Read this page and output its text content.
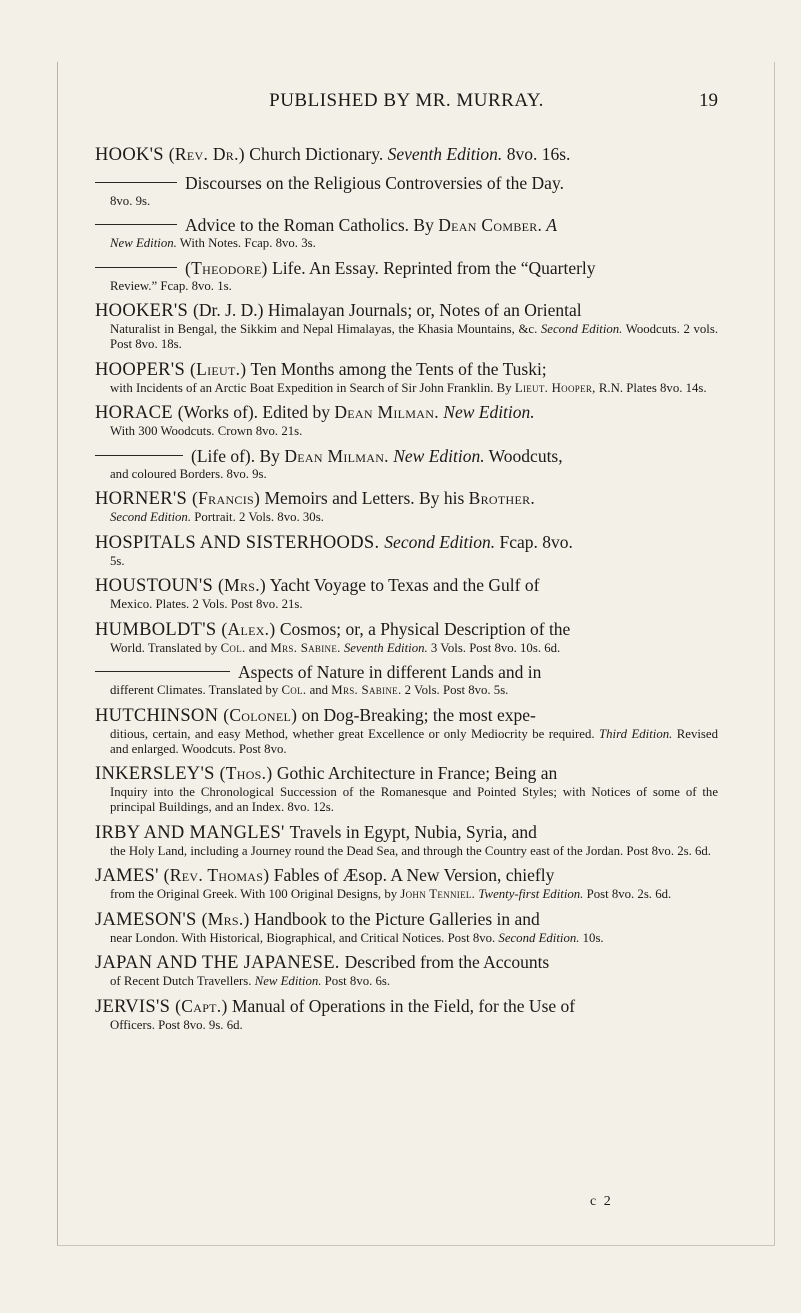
PUBLISHED BY MR. MURRAY.	19
HOOK'S (Rev. Dr.) Church Dictionary. Seventh Edition. 8vo. 16s.
Discourses on the Religious Controversies of the Day.
8vo. 9s.
Advice to the Roman Catholics. By Dean Comber. A
New Edition. With Notes. Fcap. 8vo. 3s.
(Theodore) Life. An Essay. Reprinted from the “Quarterly
Review.” Fcap. 8vo. 1s.
HOOKER'S (Dr. J. D.) Himalayan Journals; or, Notes of an Oriental
Naturalist in Bengal, the Sikkim and Nepal Himalayas, the Khasia Mountains, &c. Second Edition. Woodcuts. 2 vols. Post 8vo. 18s.
HOOPER'S (Lieut.) Ten Months among the Tents of the Tuski;
with Incidents of an Arctic Boat Expedition in Search of Sir John Franklin. By Lieut. Hooper, R.N. Plates 8vo. 14s.
HORACE (Works of). Edited by Dean Milman. New Edition.
With 300 Woodcuts. Crown 8vo. 21s.
(Life of). By Dean Milman. New Edition. Woodcuts,
and coloured Borders. 8vo. 9s.
HORNER'S (Francis) Memoirs and Letters. By his Brother.
Second Edition. Portrait. 2 Vols. 8vo. 30s.
HOSPITALS AND SISTERHOODS. Second Edition. Fcap. 8vo.
5s.
HOUSTOUN'S (Mrs.) Yacht Voyage to Texas and the Gulf of
Mexico. Plates. 2 Vols. Post 8vo. 21s.
HUMBOLDT'S (Alex.) Cosmos; or, a Physical Description of the
World. Translated by Col. and Mrs. Sabine. Seventh Edition. 3 Vols. Post 8vo. 10s. 6d.
Aspects of Nature in different Lands and in
different Climates. Translated by Col. and Mrs. Sabine. 2 Vols. Post 8vo. 5s.
HUTCHINSON (Colonel) on Dog-Breaking; the most expe-
ditious, certain, and easy Method, whether great Excellence or only Mediocrity be required. Third Edition. Revised and enlarged. Woodcuts. Post 8vo.
INKERSLEY'S (Thos.) Gothic Architecture in France; Being an
Inquiry into the Chronological Succession of the Romanesque and Pointed Styles; with Notices of some of the principal Buildings, and an Index. 8vo. 12s.
IRBY AND MANGLES' Travels in Egypt, Nubia, Syria, and
the Holy Land, including a Journey round the Dead Sea, and through the Country east of the Jordan. Post 8vo. 2s. 6d.
JAMES' (Rev. Thomas) Fables of Æsop. A New Version, chiefly
from the Original Greek. With 100 Original Designs, by John Tenniel. Twenty-first Edition. Post 8vo. 2s. 6d.
JAMESON'S (Mrs.) Handbook to the Picture Galleries in and
near London. With Historical, Biographical, and Critical Notices. Post 8vo. Second Edition. 10s.
JAPAN AND THE JAPANESE. Described from the Accounts
of Recent Dutch Travellers. New Edition. Post 8vo. 6s.
JERVIS'S (Capt.) Manual of Operations in the Field, for the Use of
Officers. Post 8vo. 9s. 6d.
c 2
